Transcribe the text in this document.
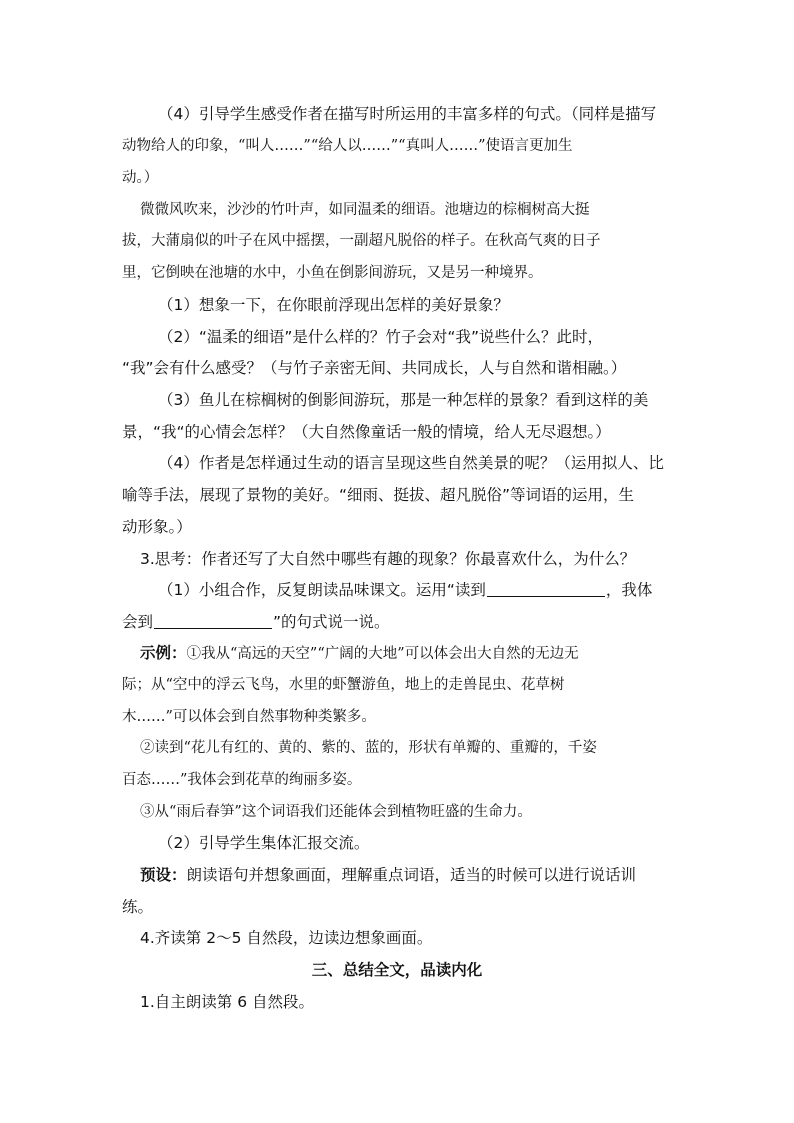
（4）引导学生感受作者在描写时所运用的丰富多样的句式。（同样是描写
动物给人的印象，“叫人……”“给人以……”“真叫人……”使语言更加生
动。）
微微风吹来，沙沙的竹叶声，如同温柔的细语。池塘边的棕榈树高大挺
拔，大蒲扇似的叶子在风中摇摆，一副超凡脱俗的样子。在秋高气爽的日子
里，它倒映在池塘的水中，小鱼在倒影间游玩，又是另一种境界。
（1）想象一下，在你眼前浮现出怎样的美好景象？
（2）“温柔的细语”是什么样的？竹子会对“我”说些什么？此时，
“我”会有什么感受？（与竹子亲密无间、共同成长，人与自然和谐相融。）
（3）鱼儿在棕榈树的倒影间游玩，那是一种怎样的景象？看到这样的美
景，“我“的心情会怎样？（大自然像童话一般的情境，给人无尽遐想。）
（4）作者是怎样通过生动的语言呈现这些自然美景的呢？（运用拟人、比
喻等手法，展现了景物的美好。“细雨、挺拔、超凡脱俗”等词语的运用，生
动形象。）
3.思考：作者还写了大自然中哪些有趣的现象？你最喜欢什么，为什么？
（1）小组合作，反复朗读品味课文。运用“读到	，我体
会到	”的句式说一说。
示例：①我从“高远的天空”“广阔的大地”可以体会出大自然的无边无
际；从“空中的浮云飞鸟，水里的虾蟹游鱼，地上的走兽昆虫、花草树
木……”可以体会到自然事物种类繁多。
②读到“花儿有红的、黄的、紫的、蓝的，形状有单瓣的、重瓣的，千姿
百态……”我体会到花草的绚丽多姿。
③从“雨后春笋”这个词语我们还能体会到植物旺盛的生命力。
（2）引导学生集体汇报交流。
预设：朗读语句并想象画面，理解重点词语，适当的时候可以进行说话训
练。
4.齐读第 2～5 自然段，边读边想象画面。
三、总结全文，品读内化
1.自主朗读第 6 自然段。
